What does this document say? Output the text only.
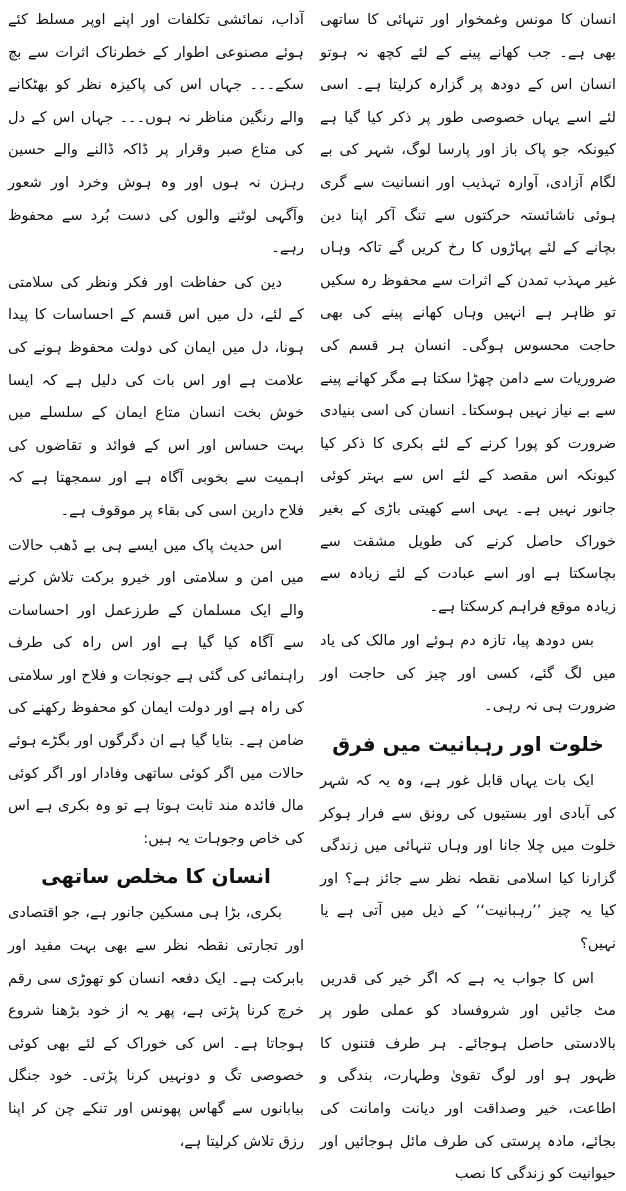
آداب، نمائشی تکلفات اور اپنے اوپر مسلط کئے ہوئے مصنوعی اطوار کے خطرناک اثرات سے بچ سکے۔۔۔ جہاں اس کی پاکیزہ نظر کو بھٹکانے والے رنگین مناظر نہ ہوں۔۔۔ جہاں اس کے دل کی متاع صبر وقرار پر ڈاکہ ڈالنے والے حسین رہزن نہ ہوں اور وہ ہوش وخرد اور شعور وآگہی لوٹنے والوں کی دست بُرد سے محفوظ رہے۔

دین کی حفاظت اور فکر ونظر کی سلامتی کے لئے، دل میں اس قسم کے احساسات کا پیدا ہونا، دل میں ایمان کی دولت محفوظ ہونے کی علامت ہے اور اس بات کی دلیل ہے کہ ایسا خوش بخت انسان متاع ایمان کے سلسلے میں بہت حساس اور اس کے فوائد و تقاضوں کی اہمیت سے بخوبی آگاہ ہے اور سمجھتا ہے کہ فلاح دارین اسی کی بقاء پر موقوف ہے۔

اس حدیث پاک میں ایسے ہی بے ڈھب حالات میں امن و سلامتی اور خیرو برکت تلاش کرنے والے ایک مسلمان کے طرزعمل اور احساسات سے آگاہ کیا گیا ہے اور اس راہ کی طرف راہنمائی کی گئی ہے جونجات و فلاح اور سلامتی کی راہ ہے اور دولت ایمان کو محفوظ رکھنے کی ضامن ہے۔ بتایا گیا ہے ان دگرگوں اور بگڑے ہوئے حالات میں اگر کوئی ساتھی وفادار اور اگر کوئی مال فائدہ مند ثابت ہوتا ہے تو وہ بکری ہے اس کی خاص وجوہات یہ ہیں:

انسان کا مخلص ساتھی

بکری، بڑا ہی مسکین جانور ہے، جو اقتصادی اور تجارتی نقطہ نظر سے بھی بہت مفید اور بابرکت ہے۔ ایک دفعہ انسان کو تھوڑی سی رقم خرچ کرنا پڑتی ہے، پھر یہ از خود بڑھنا شروع ہوجاتا ہے۔ اس کی خوراک کے لئے بھی کوئی خصوصی تگ و دونہیں کرنا پڑتی۔ خود جنگل بیابانوں سے گھاس پھونس اور تنکے چن کر اپنا رزق تلاش کرلیتا ہے،

انسان کا مونس وغمخوار اور تنہائی کا ساتھی بھی ہے۔ جب کھانے پینے کے لئے کچھ نہ ہوتو انسان اس کے دودھ پر گزارہ کرلیتا ہے۔ اسی لئے اسے یہاں خصوصی طور پر ذکر کیا گیا ہے کیونکہ جو پاک باز اور پارسا لوگ، شہر کی بے لگام آزادی، آوارہ تہذیب اور انسانیت سے گری ہوئی ناشائستہ حرکتوں سے تنگ آکر اپنا دین بچانے کے لئے پہاڑوں کا رخ کریں گے تاکہ وہاں غیر مہذب تمدن کے اثرات سے محفوظ رہ سکیں تو ظاہر ہے انہیں وہاں کھانے پینے کی بھی حاجت محسوس ہوگی۔ انسان ہر قسم کی ضروریات سے دامن چھڑا سکتا ہے مگر کھانے پینے سے بے نیاز نہیں ہوسکتا۔ انسان کی اسی بنیادی ضرورت کو پورا کرنے کے لئے بکری کا ذکر کیا کیونکہ اس مقصد کے لئے اس سے بہتر کوئی جانور نہیں ہے۔ یہی اسے کھیتی باڑی کے بغیر خوراک حاصل کرنے کی طویل مشقت سے بچاسکتا ہے اور اسے عبادت کے لئے زیادہ سے زیادہ موقع فراہم کرسکتا ہے۔

بس دودھ پیا، تازہ دم ہوئے اور مالک کی یاد میں لگ گئے، کسی اور چیز کی حاجت اور ضرورت ہی نہ رہی۔

خلوت اور رہبانیت میں فرق

ایک بات یہاں قابل غور ہے، وہ یہ کہ شہر کی آبادی اور بستیوں کی رونق سے فرار ہوکر خلوت میں چلا جانا اور وہاں تنہائی میں زندگی گزارنا کیا اسلامی نقطہ نظر سے جائز ہے؟ اور کیا یہ چیز ’’رہبانیت‘‘ کے ذیل میں آتی ہے یا نہیں؟

اس کا جواب یہ ہے کہ اگر خیر کی قدریں مٹ جائیں اور شروفساد کو عملی طور پر بالادستی حاصل ہوجائے۔ ہر طرف فتنوں کا ظہور ہو اور لوگ تقویٰ وطہارت، بندگی و اطاعت، خیر وصداقت اور دیانت وامانت کی بجائے، مادہ پرستی کی طرف مائل ہوجائیں اور حیوانیت کو زندگی کا نصب
